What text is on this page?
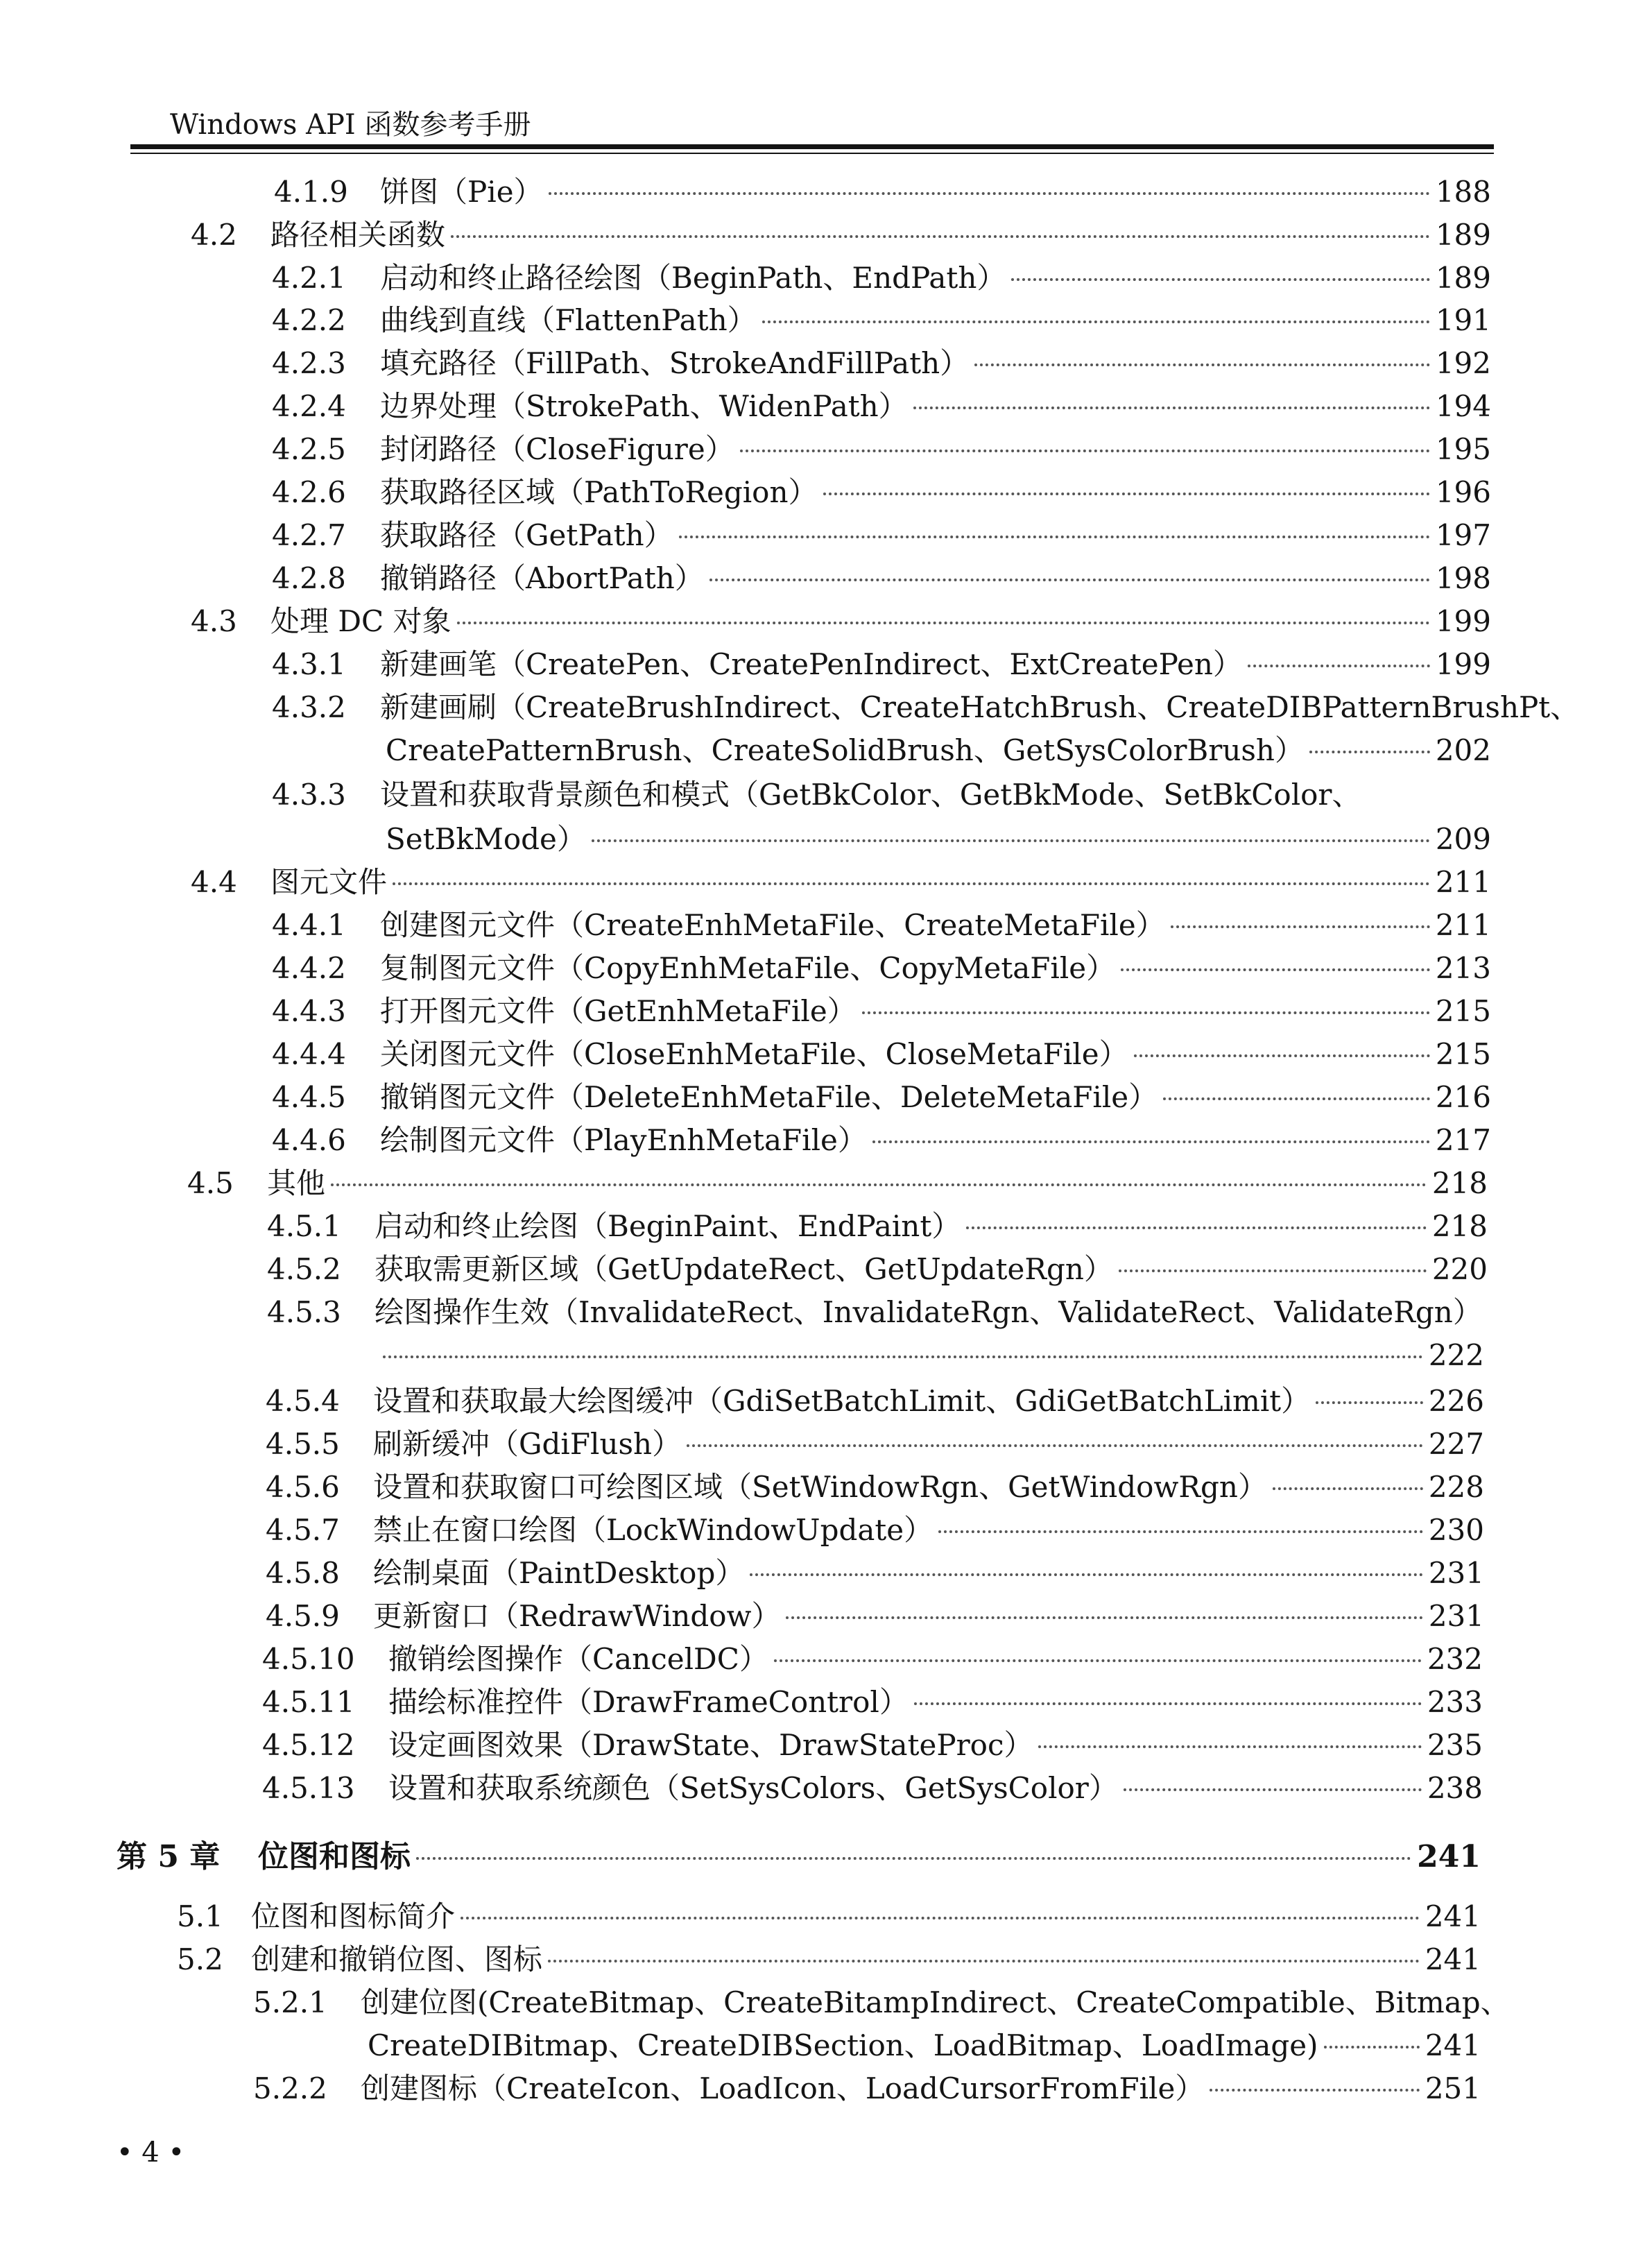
Windows API 函数参考手册
4.1.9	饼图（Pie）	188
4.2	路径相关函数	189
4.2.1	启动和终止路径绘图（BeginPath、EndPath）	189
4.2.2	曲线到直线（FlattenPath）	191
4.2.3	填充路径（FillPath、StrokeAndFillPath）	192
4.2.4	边界处理（StrokePath、WidenPath）	194
4.2.5	封闭路径（CloseFigure）	195
4.2.6	获取路径区域（PathToRegion）	196
4.2.7	获取路径（GetPath）	197
4.2.8	撤销路径（AbortPath）	198
4.3	处理 DC 对象	199
4.3.1	新建画笔（CreatePen、CreatePenIndirect、ExtCreatePen）	199
4.3.2	新建画刷（CreateBrushIndirect、CreateHatchBrush、CreateDIBPatternBrushPt、
CreatePatternBrush、CreateSolidBrush、GetSysColorBrush）	202
4.3.3	设置和获取背景颜色和模式（GetBkColor、GetBkMode、SetBkColor、
SetBkMode）	209
4.4	图元文件	211
4.4.1	创建图元文件（CreateEnhMetaFile、CreateMetaFile）	211
4.4.2	复制图元文件（CopyEnhMetaFile、CopyMetaFile）	213
4.4.3	打开图元文件（GetEnhMetaFile）	215
4.4.4	关闭图元文件（CloseEnhMetaFile、CloseMetaFile）	215
4.4.5	撤销图元文件（DeleteEnhMetaFile、DeleteMetaFile）	216
4.4.6	绘制图元文件（PlayEnhMetaFile）	217
4.5	其他	218
4.5.1	启动和终止绘图（BeginPaint、EndPaint）	218
4.5.2	获取需更新区域（GetUpdateRect、GetUpdateRgn）	220
4.5.3	绘图操作生效（InvalidateRect、InvalidateRgn、ValidateRect、ValidateRgn）
222
4.5.4	设置和获取最大绘图缓冲（GdiSetBatchLimit、GdiGetBatchLimit）	226
4.5.5	刷新缓冲（GdiFlush）	227
4.5.6	设置和获取窗口可绘图区域（SetWindowRgn、GetWindowRgn）	228
4.5.7	禁止在窗口绘图（LockWindowUpdate）	230
4.5.8	绘制桌面（PaintDesktop）	231
4.5.9	更新窗口（RedrawWindow）	231
4.5.10	撤销绘图操作（CancelDC）	232
4.5.11	描绘标准控件（DrawFrameControl）	233
4.5.12	设定画图效果（DrawState、DrawStateProc）	235
4.5.13	设置和获取系统颜色（SetSysColors、GetSysColor）	238
第 5 章	位图和图标	241
5.1 位图和图标简介	241
5.2 创建和撤销位图、图标	241
5.2.1	创建位图(CreateBitmap、CreateBitampIndirect、CreateCompatible、Bitmap、
CreateDIBitmap、CreateDIBSection、LoadBitmap、LoadImage)	241
5.2.2	创建图标（CreateIcon、LoadIcon、LoadCursorFromFile）	251
• 4 •
